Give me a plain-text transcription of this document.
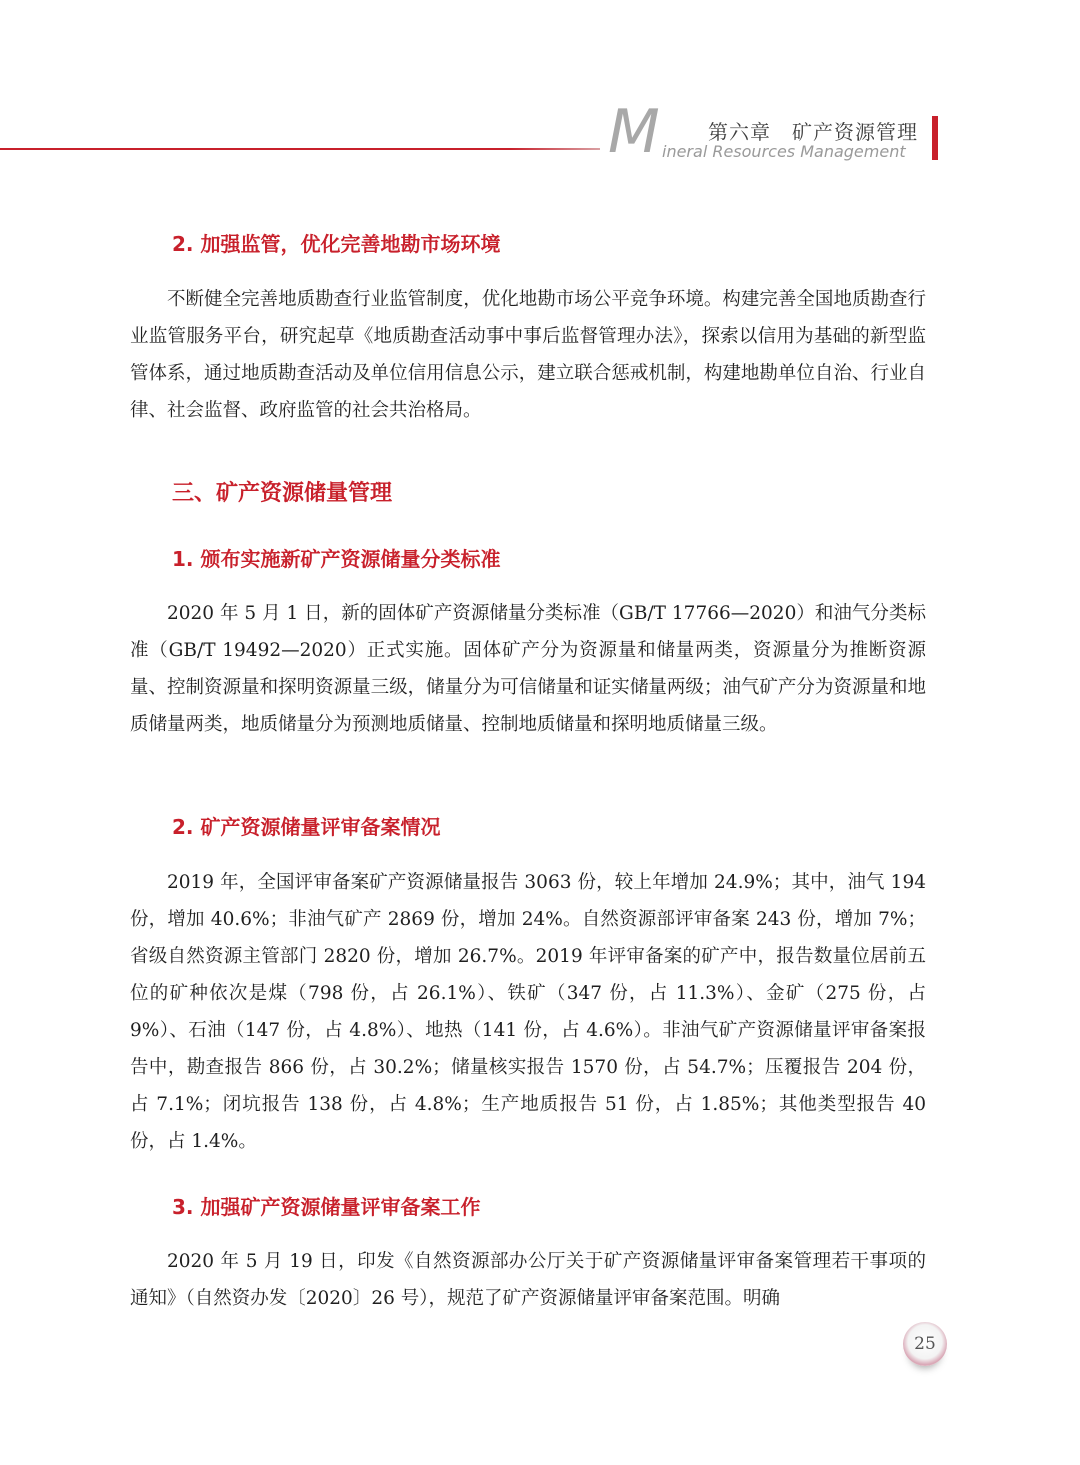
M 第六章　矿产资源管理
ineral Resources Management
2. 加强监管，优化完善地勘市场环境

不断健全完善地质勘查行业监管制度，优化地勘市场公平竞争环境。构建完善全国地质勘查行业监管服务平台，研究起草《地质勘查活动事中事后监督管理办法》，探索以信用为基础的新型监管体系，通过地质勘查活动及单位信用信息公示，建立联合惩戒机制，构建地勘单位自治、行业自律、社会监督、政府监管的社会共治格局。

三、矿产资源储量管理
1. 颁布实施新矿产资源储量分类标准

2020 年 5 月 1 日，新的固体矿产资源储量分类标准（GB/T 17766—2020）和油气分类标准（GB/T 19492—2020）正式实施。固体矿产分为资源量和储量两类，资源量分为推断资源量、控制资源量和探明资源量三级，储量分为可信储量和证实储量两级；油气矿产分为资源量和地质储量两类，地质储量分为预测地质储量、控制地质储量和探明地质储量三级。

2. 矿产资源储量评审备案情况

2019 年，全国评审备案矿产资源储量报告 3063 份，较上年增加 24.9%；其中，油气 194 份，增加 40.6%；非油气矿产 2869 份，增加 24%。自然资源部评审备案 243 份，增加 7%；省级自然资源主管部门 2820 份，增加 26.7%。2019 年评审备案的矿产中，报告数量位居前五位的矿种依次是煤（798 份，占 26.1%）、铁矿（347 份，占 11.3%）、金矿（275 份，占 9%）、石油（147 份，占 4.8%）、地热（141 份，占 4.6%）。非油气矿产资源储量评审备案报告中，勘查报告 866 份，占 30.2%；储量核实报告 1570 份，占 54.7%；压覆报告 204 份，占 7.1%；闭坑报告 138 份，占 4.8%；生产地质报告 51 份，占 1.85%；其他类型报告 40 份，占 1.4%。

3. 加强矿产资源储量评审备案工作

2020 年 5 月 19 日，印发《自然资源部办公厅关于矿产资源储量评审备案管理若干事项的通知》（自然资办发〔2020〕26 号），规范了矿产资源储量评审备案范围。明确

25
